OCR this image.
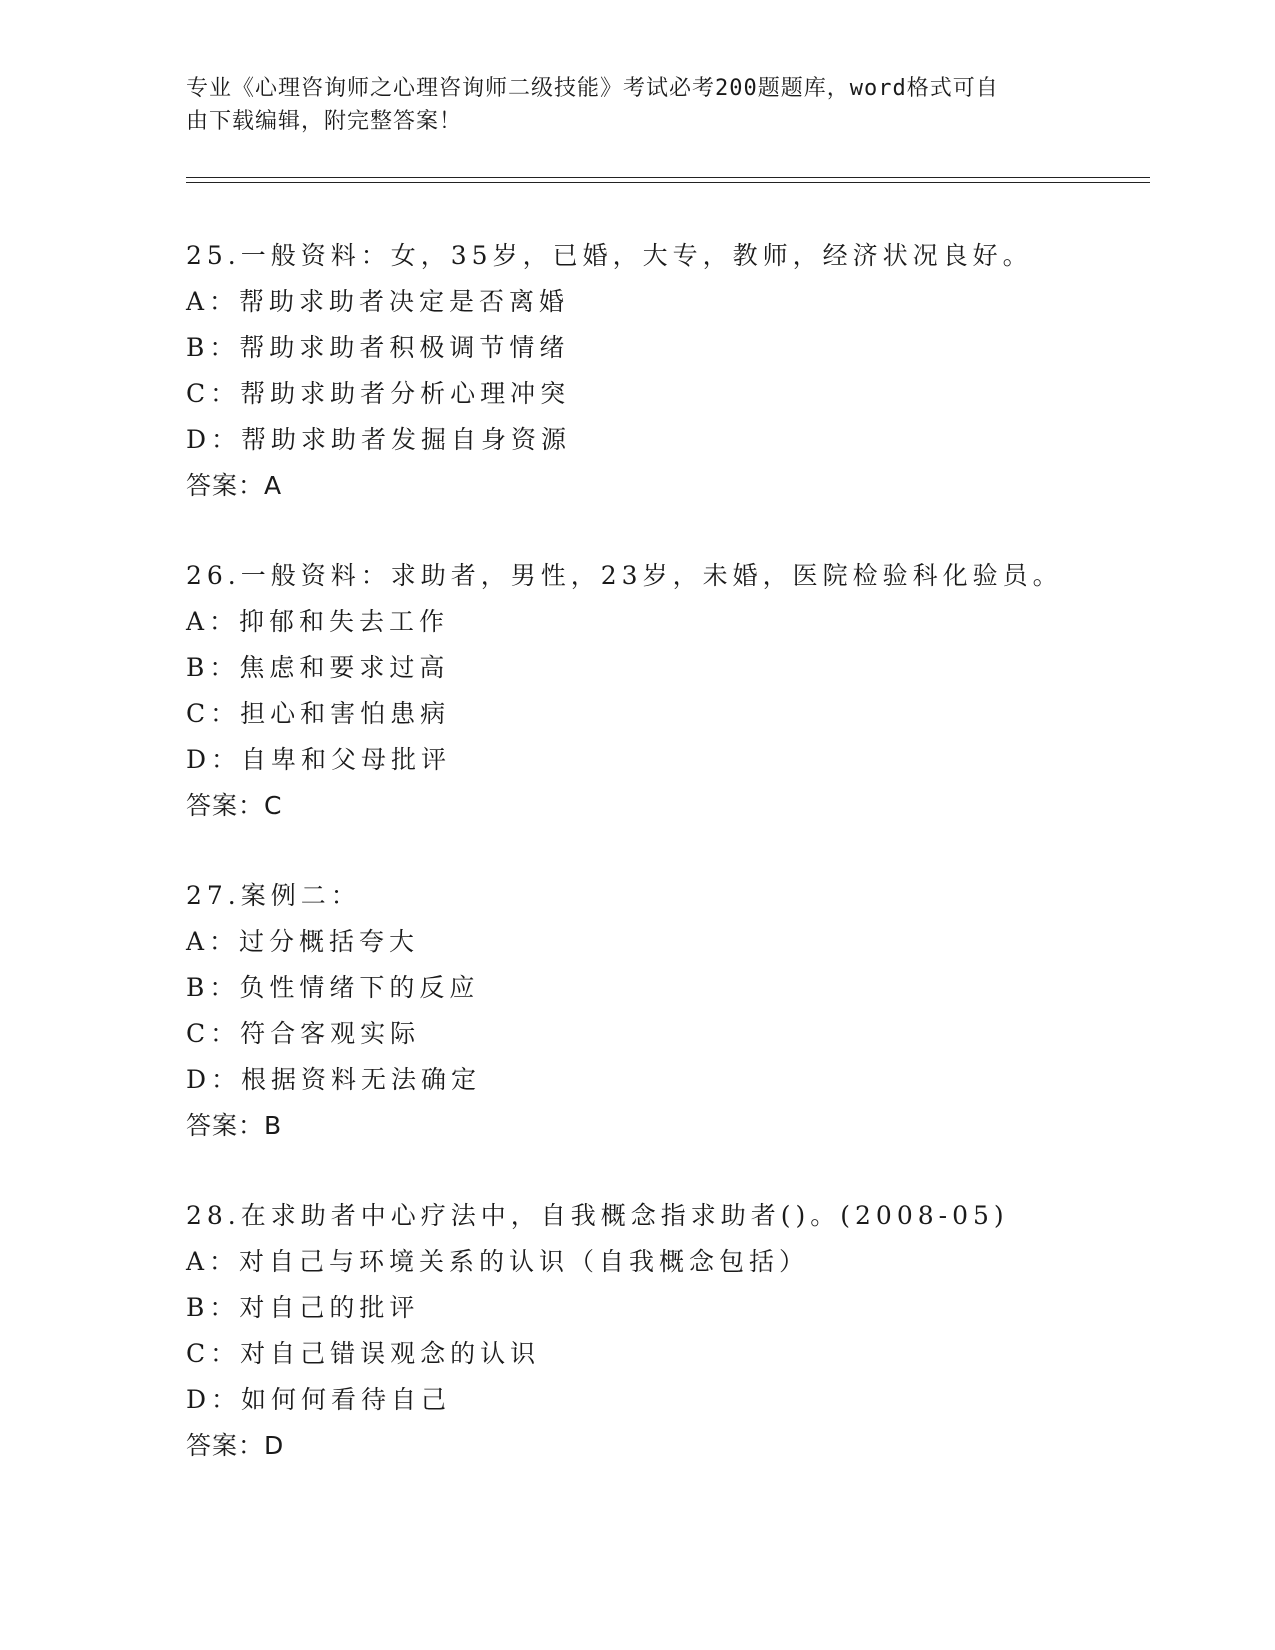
专业《心理咨询师之心理咨询师二级技能》考试必考200题题库，word格式可自
由下载编辑，附完整答案！
25.一般资料：女，35岁，已婚，大专，教师，经济状况良好。
A：帮助求助者决定是否离婚
B：帮助求助者积极调节情绪
C：帮助求助者分析心理冲突
D：帮助求助者发掘自身资源
答案：A
26.一般资料：求助者，男性，23岁，未婚，医院检验科化验员。
A：抑郁和失去工作
B：焦虑和要求过高
C：担心和害怕患病
D：自卑和父母批评
答案：C
27.案例二：
A：过分概括夸大
B：负性情绪下的反应
C：符合客观实际
D：根据资料无法确定
答案：B
28.在求助者中心疗法中，自我概念指求助者()。(2008-05)
A：对自己与环境关系的认识（自我概念包括）
B：对自己的批评
C：对自己错误观念的认识
D：如何何看待自己
答案：D
